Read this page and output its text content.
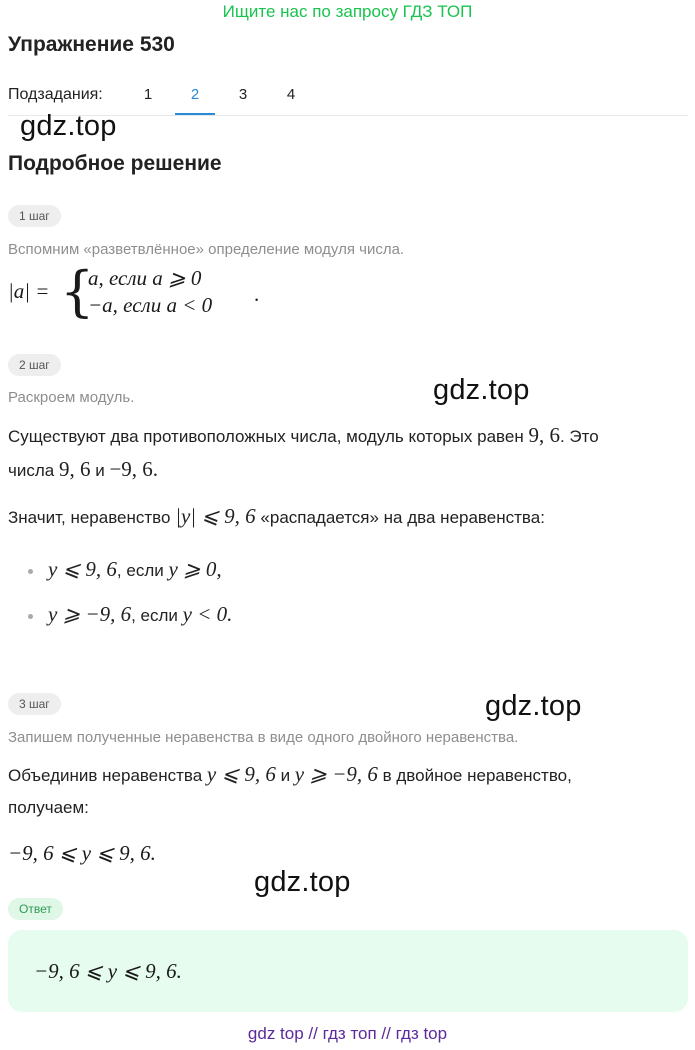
Ищите нас по запросу ГДЗ ТОП
Упражнение 530
Подзадания:	1	2	3	4
gdz.top
Подробное решение
1 шаг
Вспомним «разветвлённое» определение модуля числа.
|a| = {
a, если a ⩾ 0
−a, если a < 0 .
2 шаг
Раскроем модуль.	gdz.top
Существуют два противоположных числа, модуль которых равен 9, 6. Это
числа 9, 6 и −9, 6.
Значит, неравенство |y| ⩽ 9, 6 «распадается» на два неравенства:
y ⩽ 9, 6, если y ⩾ 0,
y ⩾ −9, 6, если y < 0.
3 шаг	gdz.top
Запишем полученные неравенства в виде одного двойного неравенства.
Объединив неравенства y ⩽ 9, 6 и y ⩾ −9, 6 в двойное неравенство,
получаем:
−9, 6 ⩽ y ⩽ 9, 6.
gdz.top
Ответ
−9, 6 ⩽ y ⩽ 9, 6.
gdz top // гдз топ // гдз top
